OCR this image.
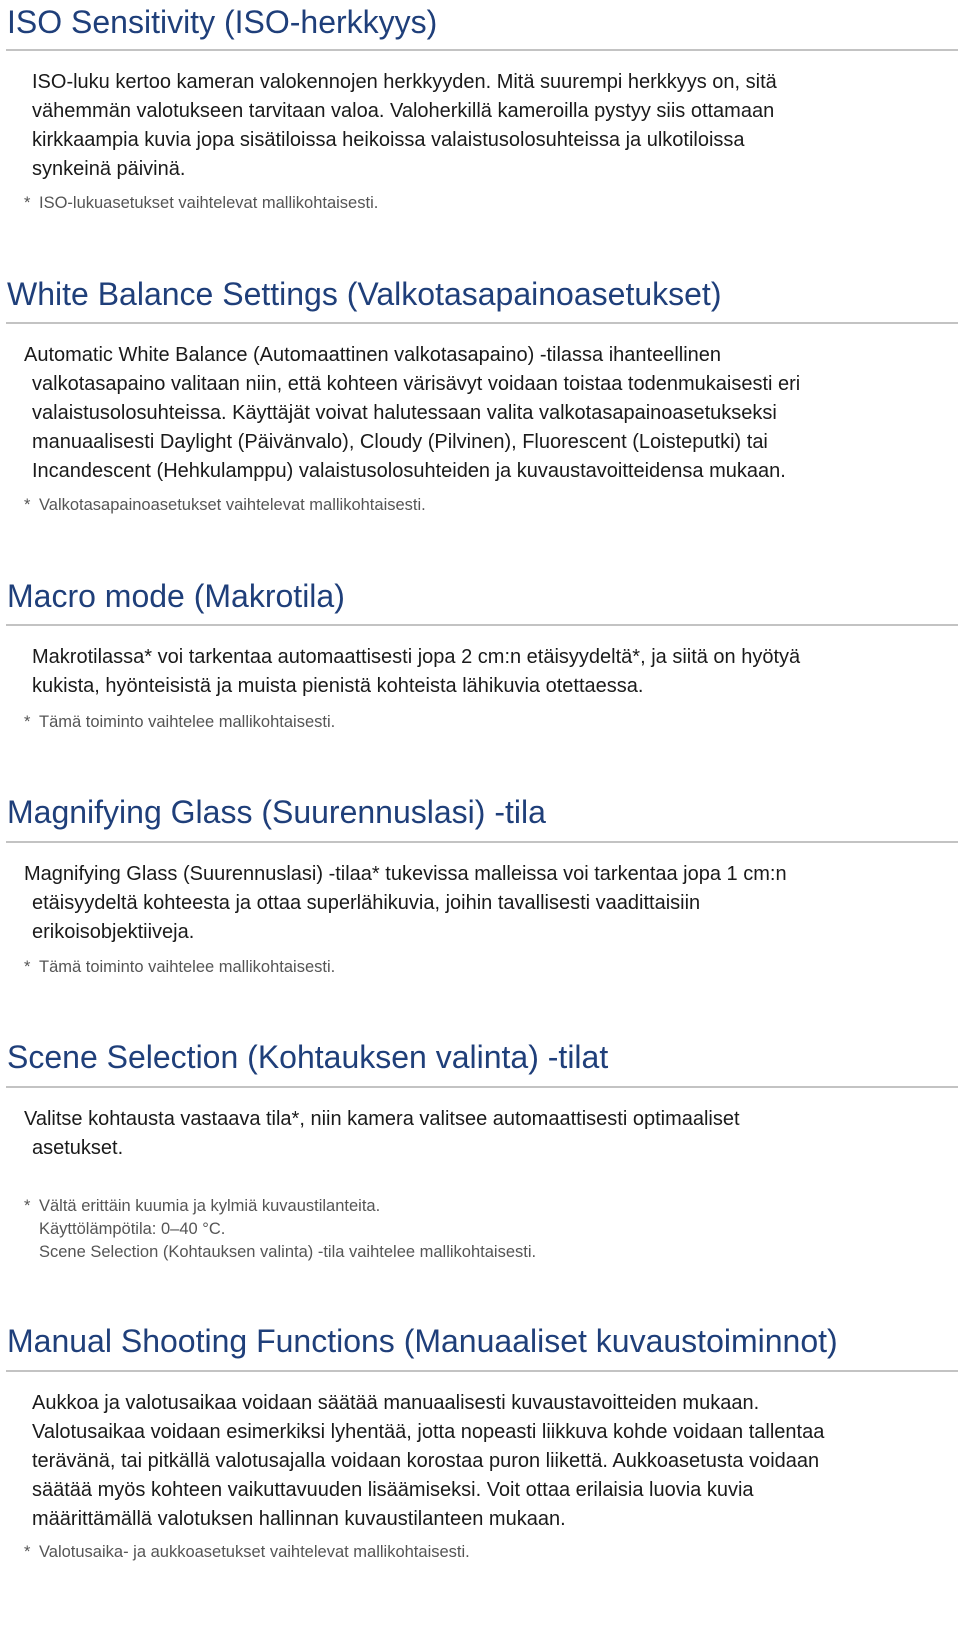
ISO Sensitivity (ISO-herkkyys)

ISO-luku kertoo kameran valokennojen herkkyyden. Mitä suurempi herkkyys on, sitä

vähemmän valotukseen tarvitaan valoa. Valoherkillä kameroilla pystyy siis ottamaan

kirkkaampia kuvia jopa sisätiloissa heikoissa valaistusolosuhteissa ja ulkotiloissa

synkeinä päivinä.

* ISO-lukuasetukset vaihtelevat mallikohtaisesti.
White Balance Settings (Valkotasapainoasetukset)

Automatic White Balance (Automaattinen valkotasapaino) -tilassa ihanteellinen

valkotasapaino valitaan niin, että kohteen värisävyt voidaan toistaa todenmukaisesti eri

valaistusolosuhteissa. Käyttäjät voivat halutessaan valita valkotasapainoasetukseksi

manuaalisesti Daylight (Päivänvalo), Cloudy (Pilvinen), Fluorescent (Loisteputki) tai

Incandescent (Hehkulamppu) valaistusolosuhteiden ja kuvaustavoitteidensa mukaan.

* Valkotasapainoasetukset vaihtelevat mallikohtaisesti.
Macro mode (Makrotila)

Makrotilassa* voi tarkentaa automaattisesti jopa 2 cm:n etäisyydeltä*, ja siitä on hyötyä

kukista, hyönteisistä ja muista pienistä kohteista lähikuvia otettaessa.

* Tämä toiminto vaihtelee mallikohtaisesti.
Magnifying Glass (Suurennuslasi) -tila

Magnifying Glass (Suurennuslasi) -tilaa* tukevissa malleissa voi tarkentaa jopa 1 cm:n

etäisyydeltä kohteesta ja ottaa superlähikuvia, joihin tavallisesti vaadittaisiin

erikoisobjektiiveja.

* Tämä toiminto vaihtelee mallikohtaisesti.
Scene Selection (Kohtauksen valinta) -tilat

Valitse kohtausta vastaava tila*, niin kamera valitsee automaattisesti optimaaliset

asetukset.

* Vältä erittäin kuumia ja kylmiä kuvaustilanteita.
Käyttölämpötila: 0–40 °C.
Scene Selection (Kohtauksen valinta) -tila vaihtelee mallikohtaisesti.
Manual Shooting Functions (Manuaaliset kuvaustoiminnot)

Aukkoa ja valotusaikaa voidaan säätää manuaalisesti kuvaustavoitteiden mukaan.

Valotusaikaa voidaan esimerkiksi lyhentää, jotta nopeasti liikkuva kohde voidaan tallentaa

terävänä, tai pitkällä valotusajalla voidaan korostaa puron liikettä. Aukkoasetusta voidaan

säätää myös kohteen vaikuttavuuden lisäämiseksi. Voit ottaa erilaisia luovia kuvia

määrittämällä valotuksen hallinnan kuvaustilanteen mukaan.

* Valotusaika- ja aukkoasetukset vaihtelevat mallikohtaisesti.
